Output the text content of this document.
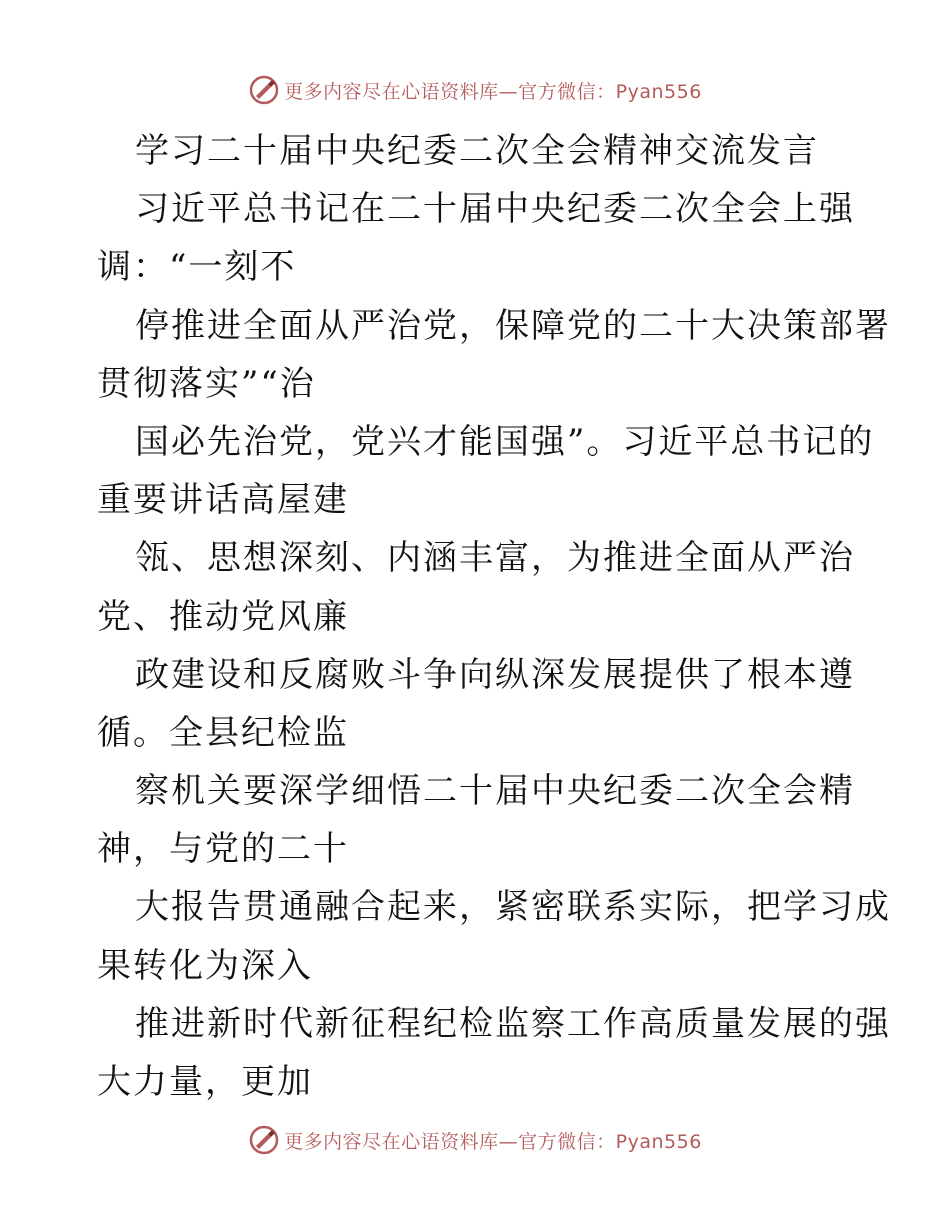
更多内容尽在心语资料库—官方微信：Pyan556
学习二十届中央纪委二次全会精神交流发言
习近平总书记在二十届中央纪委二次全会上强
调：“一刻不
停推进全面从严治党，保障党的二十大决策部署
贯彻落实”“治
国必先治党，党兴才能国强”。习近平总书记的
重要讲话高屋建
瓴、思想深刻、内涵丰富，为推进全面从严治
党、推动党风廉
政建设和反腐败斗争向纵深发展提供了根本遵
循。全县纪检监
察机关要深学细悟二十届中央纪委二次全会精
神，与党的二十
大报告贯通融合起来，紧密联系实际，把学习成
果转化为深入
推进新时代新征程纪检监察工作高质量发展的强
大力量，更加
更多内容尽在心语资料库—官方微信：Pyan556
